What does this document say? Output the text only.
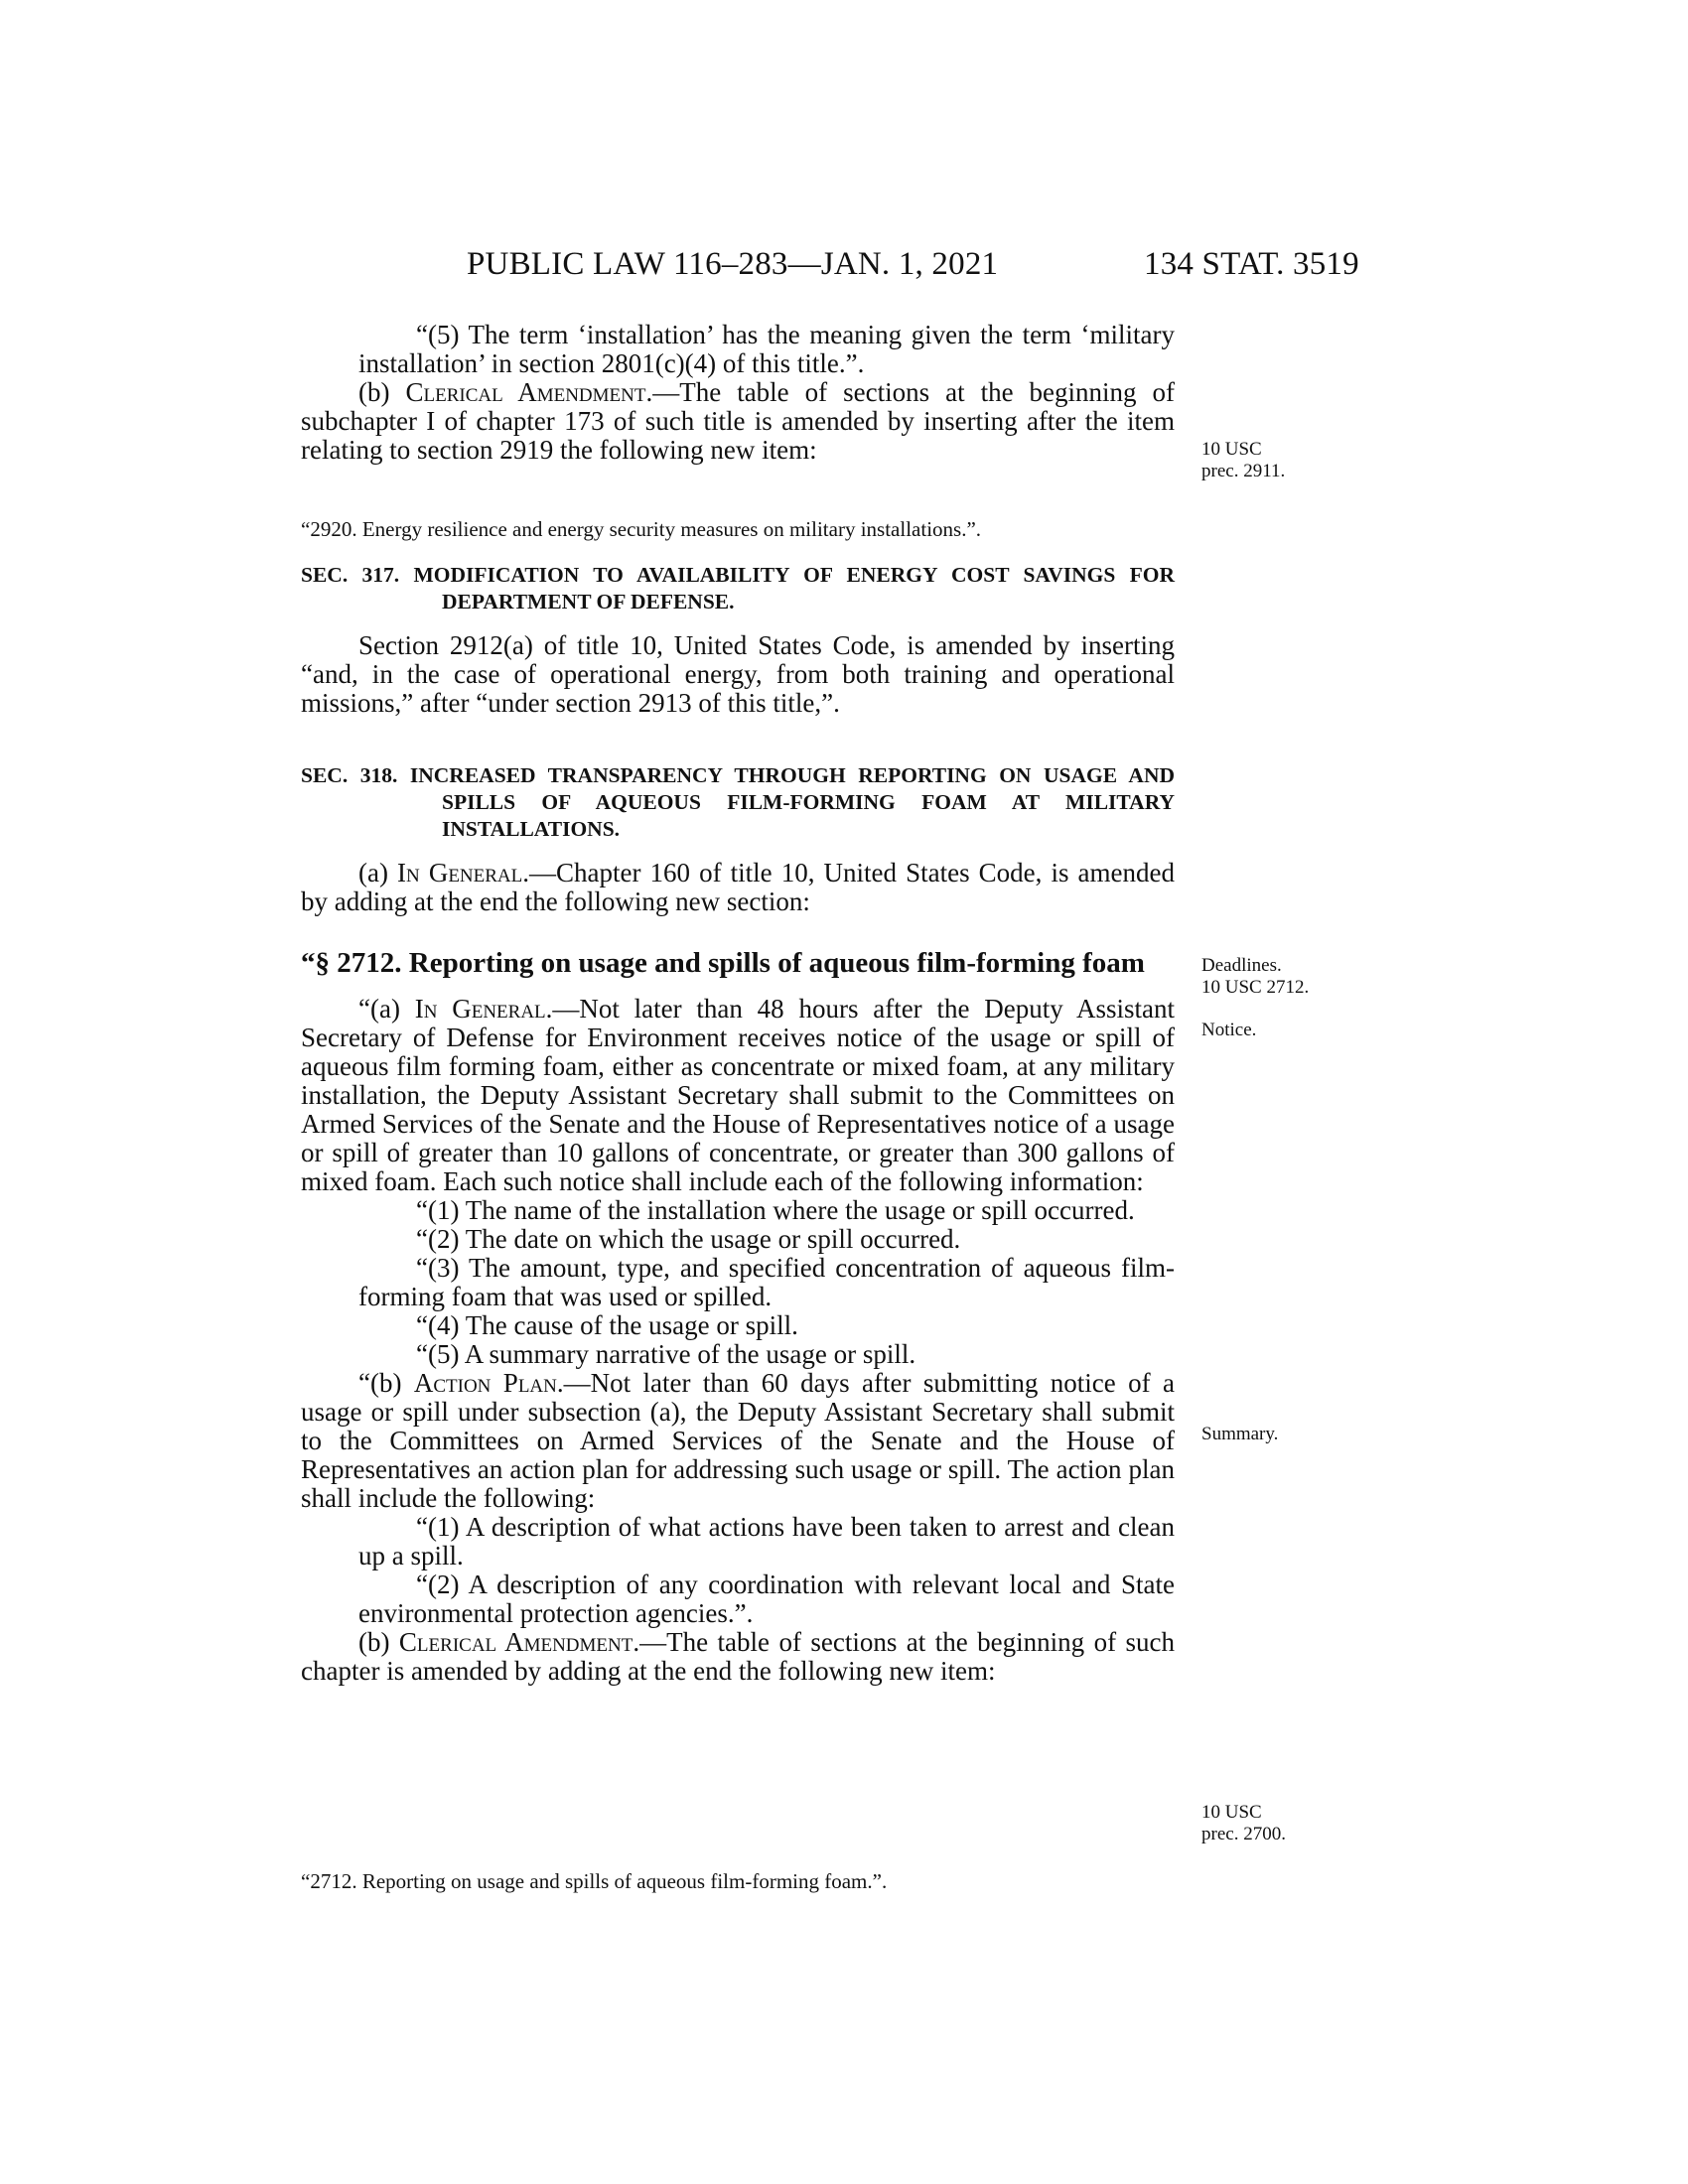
PUBLIC LAW 116–283—JAN. 1, 2021	134 STAT. 3519
10 USC
prec. 2911.
Deadlines.
10 USC 2712.
Notice.
Summary.
10 USC
prec. 2700.

“(5) The term ‘installation’ has the meaning given the term ‘military installation’ in section 2801(c)(4) of this title.”.

(b) Clerical Amendment.—The table of sections at the beginning of subchapter I of chapter 173 of such title is amended by inserting after the item relating to section 2919 the following new item:

“2920. Energy resilience and energy security measures on military installations.”.

SEC. 317. MODIFICATION TO AVAILABILITY OF ENERGY COST SAVINGS FOR DEPARTMENT OF DEFENSE.

Section 2912(a) of title 10, United States Code, is amended by inserting “and, in the case of operational energy, from both training and operational missions,” after “under section 2913 of this title,”.

SEC. 318. INCREASED TRANSPARENCY THROUGH REPORTING ON USAGE AND SPILLS OF AQUEOUS FILM-FORMING FOAM AT MILITARY INSTALLATIONS.

(a) In General.—Chapter 160 of title 10, United States Code, is amended by adding at the end the following new section:

“§ 2712. Reporting on usage and spills of aqueous film-forming foam

“(a) In General.—Not later than 48 hours after the Deputy Assistant Secretary of Defense for Environment receives notice of the usage or spill of aqueous film forming foam, either as concentrate or mixed foam, at any military installation, the Deputy Assistant Secretary shall submit to the Committees on Armed Services of the Senate and the House of Representatives notice of a usage or spill of greater than 10 gallons of concentrate, or greater than 300 gallons of mixed foam. Each such notice shall include each of the following information:

“(1) The name of the installation where the usage or spill occurred.

“(2) The date on which the usage or spill occurred.

“(3) The amount, type, and specified concentration of aqueous film-forming foam that was used or spilled.

“(4) The cause of the usage or spill.

“(5) A summary narrative of the usage or spill.

“(b) Action Plan.—Not later than 60 days after submitting notice of a usage or spill under subsection (a), the Deputy Assistant Secretary shall submit to the Committees on Armed Services of the Senate and the House of Representatives an action plan for addressing such usage or spill. The action plan shall include the following:

“(1) A description of what actions have been taken to arrest and clean up a spill.

“(2) A description of any coordination with relevant local and State environmental protection agencies.”.

(b) Clerical Amendment.—The table of sections at the beginning of such chapter is amended by adding at the end the following new item:

“2712. Reporting on usage and spills of aqueous film-forming foam.”.
